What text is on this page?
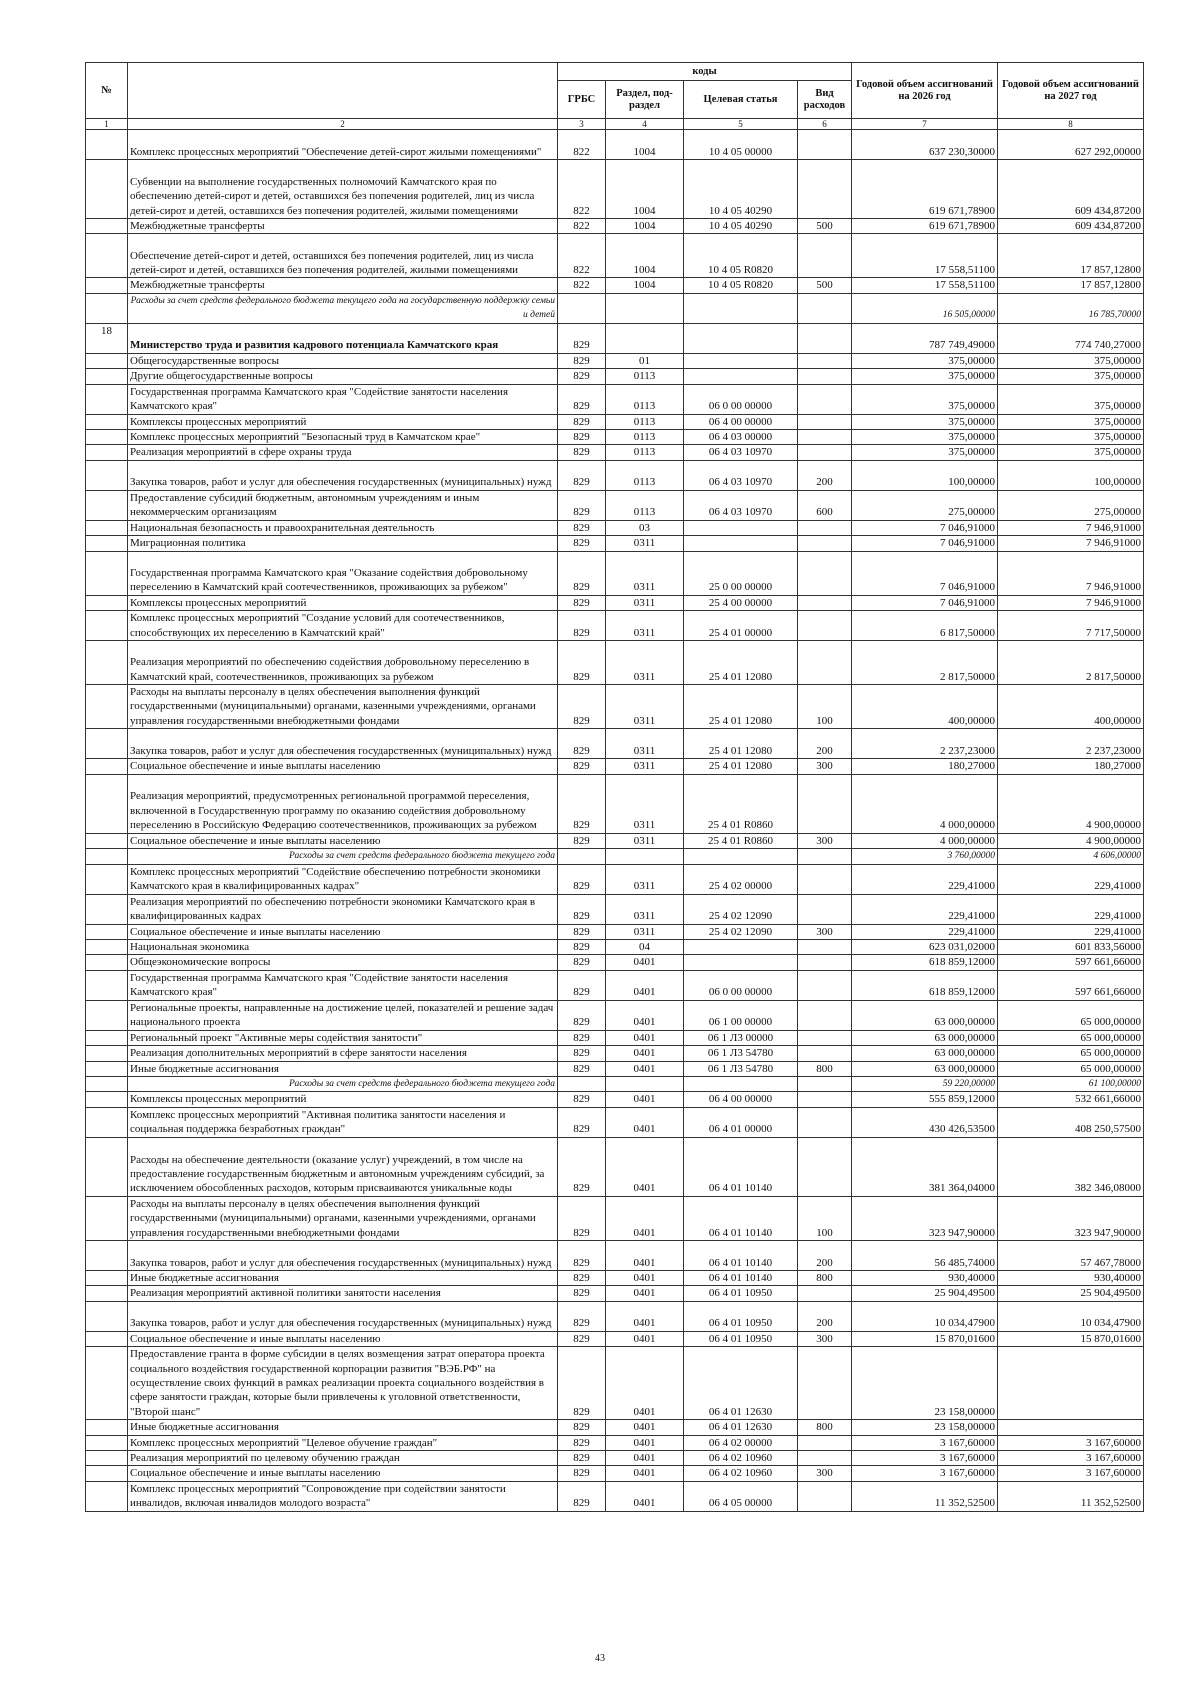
№		коды				Годовой объем ассигнований на 2026 год	Годовой объем ассигнований на 2027 год
		ГРБС	Раздел, под-раздел	Целевая статья	Вид расходов		
1	2	3	4	5	6	7	8
	Комплекс процессных мероприятий "Обеспечение детей-сирот жилыми помещениями"	822	1004	10 4 05 00000		637 230,30000	627 292,00000
	Субвенции на выполнение государственных полномочий Камчатского края по обеспечению детей-сирот и детей, оставшихся без попечения родителей, лиц из числа детей-сирот и детей, оставшихся без попечения родителей, жилыми помещениями	822	1004	10 4 05 40290		619 671,78900	609 434,87200
	Межбюджетные трансферты	822	1004	10 4 05 40290	500	619 671,78900	609 434,87200
	Обеспечение детей-сирот и детей, оставшихся без попечения родителей, лиц из числа детей-сирот и детей, оставшихся без попечения родителей, жилыми помещениями	822	1004	10 4 05 R0820		17 558,51100	17 857,12800
	Межбюджетные трансферты	822	1004	10 4 05 R0820	500	17 558,51100	17 857,12800
	Расходы за счет средств федерального бюджета текущего года на государственную поддержку семьи и детей					16 505,00000	16 785,70000
18	Министерство труда и развития кадрового потенциала Камчатского края	829				787 749,49000	774 740,27000
	Общегосударственные вопросы	829	01			375,00000	375,00000
	Другие общегосударственные вопросы	829	0113			375,00000	375,00000
	Государственная программа Камчатского края "Содействие занятости населения Камчатского края"	829	0113	06 0 00 00000		375,00000	375,00000
	Комплексы процессных мероприятий	829	0113	06 4 00 00000		375,00000	375,00000
	Комплекс процессных мероприятий "Безопасный труд в Камчатском крае"	829	0113	06 4 03 00000		375,00000	375,00000
	Реализация мероприятий в сфере охраны труда	829	0113	06 4 03 10970		375,00000	375,00000
	Закупка товаров, работ и услуг для обеспечения государственных (муниципальных) нужд	829	0113	06 4 03 10970	200	100,00000	100,00000
	Предоставление субсидий бюджетным, автономным учреждениям и иным некоммерческим организациям	829	0113	06 4 03 10970	600	275,00000	275,00000
	Национальная безопасность и правоохранительная деятельность	829	03			7 046,91000	7 946,91000
	Миграционная политика	829	0311			7 046,91000	7 946,91000
	Государственная программа Камчатского края "Оказание содействия добровольному переселению в Камчатский край соотечественников, проживающих за рубежом"	829	0311	25 0 00 00000		7 046,91000	7 946,91000
	Комплексы процессных мероприятий	829	0311	25 4 00 00000		7 046,91000	7 946,91000
	Комплекс процессных мероприятий "Создание условий для соотечественников, способствующих их переселению в Камчатский край"	829	0311	25 4 01 00000		6 817,50000	7 717,50000
	Реализация мероприятий по обеспечению содействия добровольному переселению в Камчатский край, соотечественников, проживающих за рубежом	829	0311	25 4 01 12080		2 817,50000	2 817,50000
	Расходы на выплаты персоналу в целях обеспечения выполнения функций государственными (муниципальными) органами, казенными учреждениями, органами управления государственными внебюджетными фондами	829	0311	25 4 01 12080	100	400,00000	400,00000
	Закупка товаров, работ и услуг для обеспечения государственных (муниципальных) нужд	829	0311	25 4 01 12080	200	2 237,23000	2 237,23000
	Социальное обеспечение и иные выплаты населению	829	0311	25 4 01 12080	300	180,27000	180,27000
	Реализация мероприятий, предусмотренных региональной программой переселения, включенной в Государственную программу по оказанию содействия добровольному переселению в Российскую Федерацию соотечественников, проживающих за рубежом	829	0311	25 4 01 R0860		4 000,00000	4 900,00000
	Социальное обеспечение и иные выплаты населению	829	0311	25 4 01 R0860	300	4 000,00000	4 900,00000
	Расходы за счет средств федерального бюджета текущего года					3 760,00000	4 606,00000
	Комплекс процессных мероприятий "Содействие обеспечению потребности экономики Камчатского края в квалифицированных кадрах"	829	0311	25 4 02 00000		229,41000	229,41000
	Реализация мероприятий по обеспечению потребности экономики Камчатского края в квалифицированных кадрах	829	0311	25 4 02 12090		229,41000	229,41000
	Социальное обеспечение и иные выплаты населению	829	0311	25 4 02 12090	300	229,41000	229,41000
	Национальная экономика	829	04			623 031,02000	601 833,56000
	Общеэкономические вопросы	829	0401			618 859,12000	597 661,66000
	Государственная программа Камчатского края "Содействие занятости населения Камчатского края"	829	0401	06 0 00 00000		618 859,12000	597 661,66000
	Региональные проекты, направленные на достижение целей, показателей и решение задач национального проекта	829	0401	06 1 00 00000		63 000,00000	65 000,00000
	Региональный проект "Активные меры содействия занятости"	829	0401	06 1 Л3 00000		63 000,00000	65 000,00000
	Реализация дополнительных мероприятий в сфере занятости населения	829	0401	06 1 Л3 54780		63 000,00000	65 000,00000
	Иные бюджетные ассигнования	829	0401	06 1 Л3 54780	800	63 000,00000	65 000,00000
	Расходы за счет средств федерального бюджета текущего года					59 220,00000	61 100,00000
	Комплексы процессных мероприятий	829	0401	06 4 00 00000		555 859,12000	532 661,66000
	Комплекс процессных мероприятий "Активная политика занятости населения и социальная поддержка безработных граждан"	829	0401	06 4 01 00000		430 426,53500	408 250,57500
	Расходы на обеспечение деятельности (оказание услуг) учреждений, в том числе на предоставление государственным бюджетным и автономным учреждениям субсидий, за исключением обособленных расходов, которым присваиваются уникальные коды	829	0401	06 4 01 10140		381 364,04000	382 346,08000
	Расходы на выплаты персоналу в целях обеспечения выполнения функций государственными (муниципальными) органами, казенными учреждениями, органами управления государственными внебюджетными фондами	829	0401	06 4 01 10140	100	323 947,90000	323 947,90000
	Закупка товаров, работ и услуг для обеспечения государственных (муниципальных) нужд	829	0401	06 4 01 10140	200	56 485,74000	57 467,78000
	Иные бюджетные ассигнования	829	0401	06 4 01 10140	800	930,40000	930,40000
	Реализация мероприятий активной политики занятости населения	829	0401	06 4 01 10950		25 904,49500	25 904,49500
	Закупка товаров, работ и услуг для обеспечения государственных (муниципальных) нужд	829	0401	06 4 01 10950	200	10 034,47900	10 034,47900
	Социальное обеспечение и иные выплаты населению	829	0401	06 4 01 10950	300	15 870,01600	15 870,01600
	Предоставление гранта в форме субсидии в целях возмещения затрат оператора проекта социального воздействия государственной корпорации развития "ВЭБ.РФ" на осуществление своих функций в рамках реализации проекта социального воздействия в сфере занятости граждан, которые были привлечены к уголовной ответственности, "Второй шанс"	829	0401	06 4 01 12630		23 158,00000	
	Иные бюджетные ассигнования	829	0401	06 4 01 12630	800	23 158,00000	
	Комплекс процессных мероприятий "Целевое обучение граждан"	829	0401	06 4 02 00000		3 167,60000	3 167,60000
	Реализация мероприятий по целевому обучению граждан	829	0401	06 4 02 10960		3 167,60000	3 167,60000
	Социальное обеспечение и иные выплаты населению	829	0401	06 4 02 10960	300	3 167,60000	3 167,60000
	Комплекс процессных мероприятий "Сопровождение при содействии занятости инвалидов, включая инвалидов молодого возраста"	829	0401	06 4 05 00000		11 352,52500	11 352,52500
43
